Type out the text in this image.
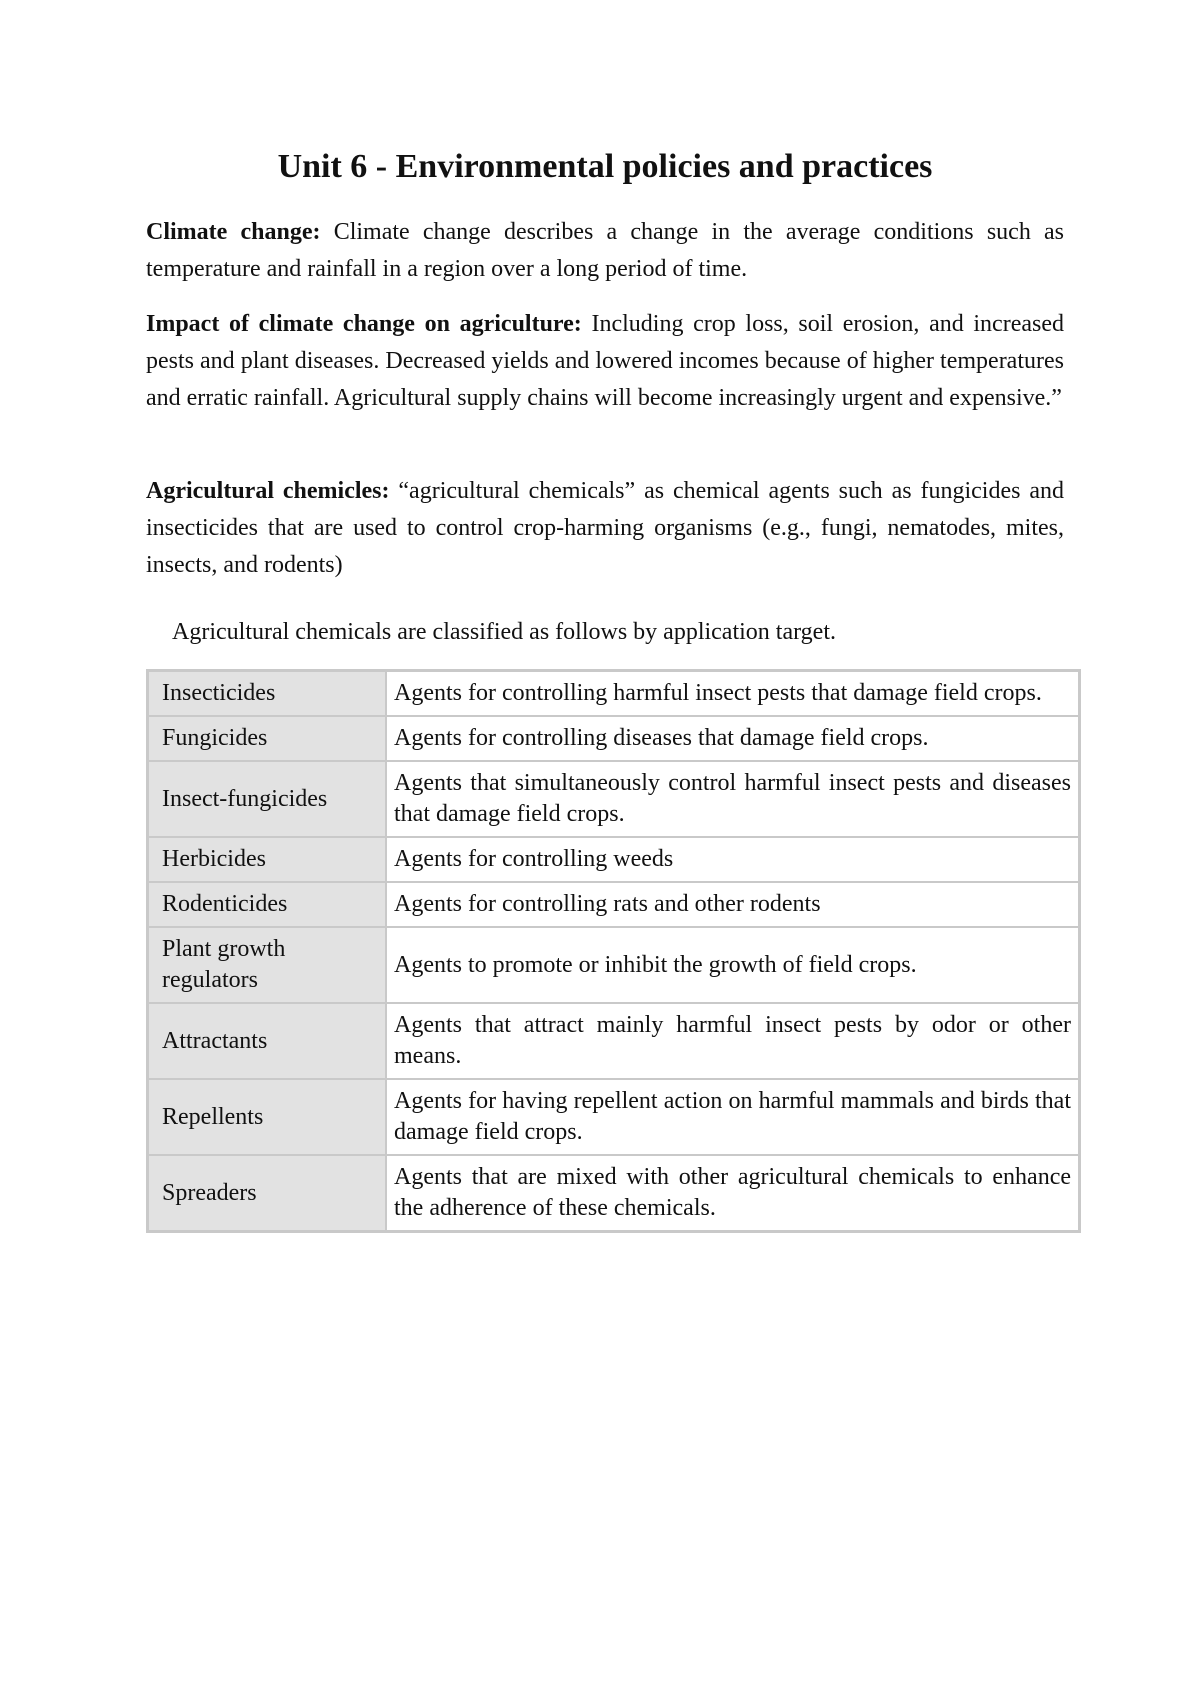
Unit 6 - Environmental policies and practices

Climate change: Climate change describes a change in the average conditions such as temperature and rainfall in a region over a long period of time.

Impact of climate change on agriculture: Including crop loss, soil erosion, and increased pests and plant diseases. Decreased yields and lowered incomes because of higher temperatures and erratic rainfall. Agricultural supply chains will become increasingly urgent and expensive.”

Agricultural chemicles: “agricultural chemicals” as chemical agents such as fungicides and insecticides that are used to control crop-harming organisms (e.g., fungi, nematodes, mites, insects, and rodents)

Agricultural chemicals are classified as follows by application target.

Insecticides	Agents for controlling harmful insect pests that damage field crops.
Fungicides	Agents for controlling diseases that damage field crops.
Insect-fungicides	Agents that simultaneously control harmful insect pests and diseases that damage field crops.
Herbicides	Agents for controlling weeds
Rodenticides	Agents for controlling rats and other rodents
Plant growth regulators	Agents to promote or inhibit the growth of field crops.
Attractants	Agents that attract mainly harmful insect pests by odor or other means.
Repellents	Agents for having repellent action on harmful mammals and birds that damage field crops.
Spreaders	Agents that are mixed with other agricultural chemicals to enhance the adherence of these chemicals.
